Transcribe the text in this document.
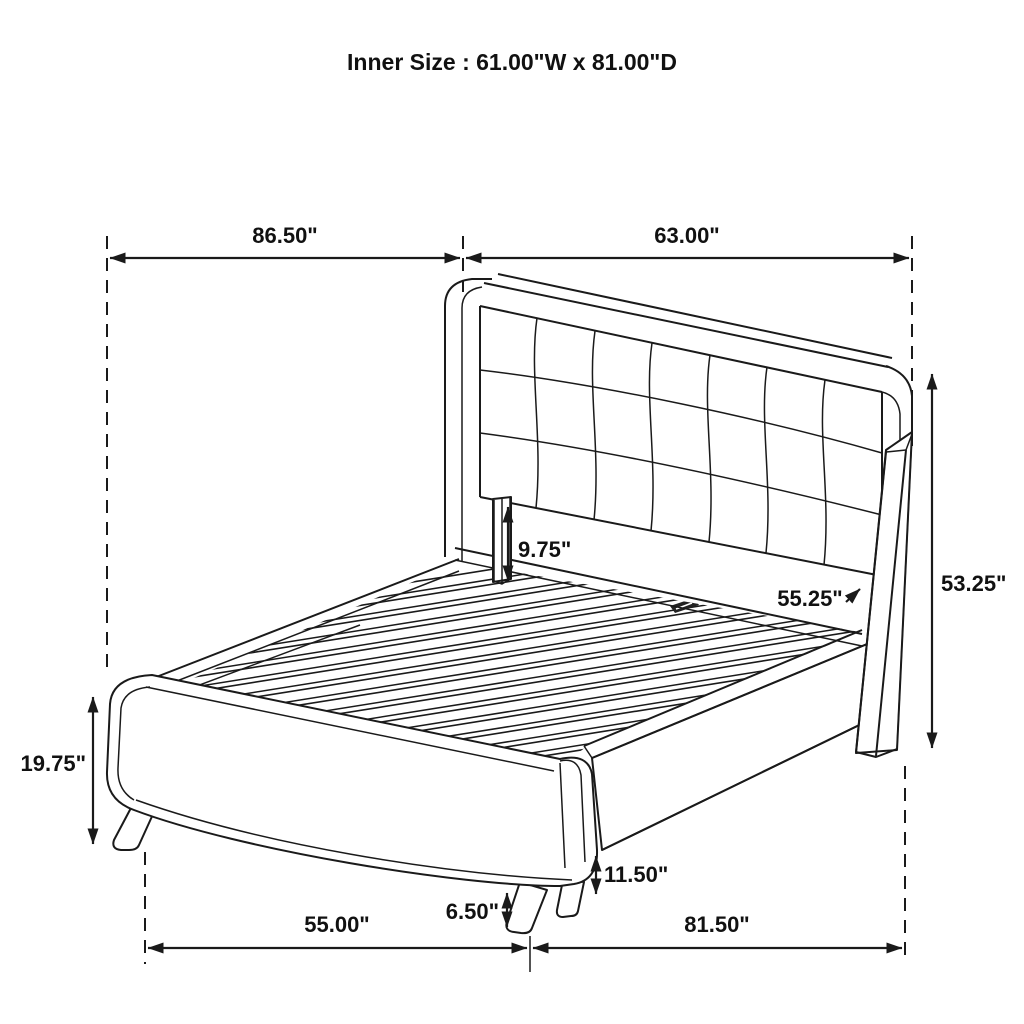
86.50"	63.00"
53.25"
55.25"
9.75"
19.75"
6.50"
11.50"
55.00"	81.50"
Inner Size : 61.00"W x 81.00"D
